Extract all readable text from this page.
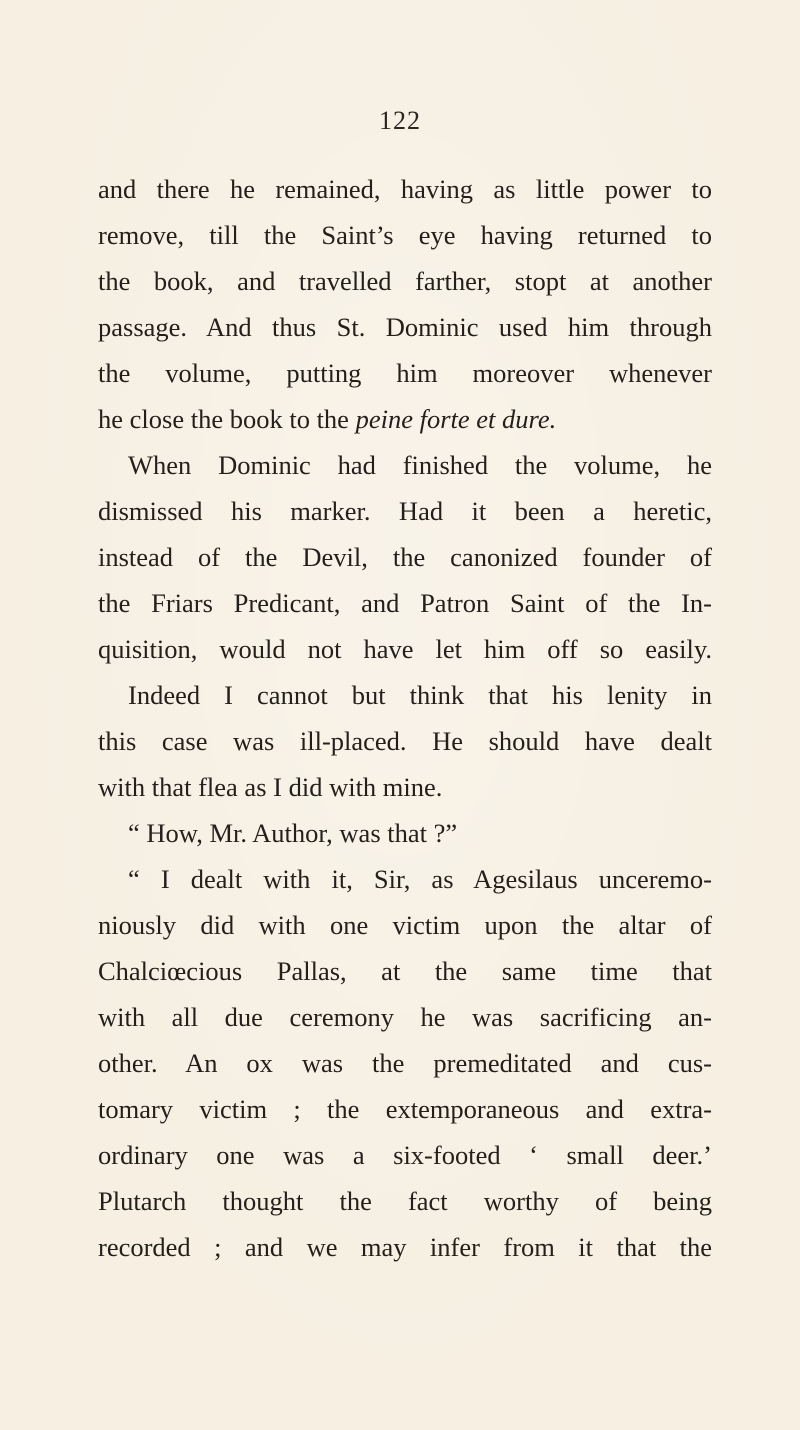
122
and there he remained, having as little power to
remove, till the Saint’s eye having returned to
the book, and travelled farther, stopt at another
passage. And thus St. Dominic used him through
the volume, putting him moreover whenever
he close the book to the peine forte et dure.
When Dominic had finished the volume, he
dismissed his marker. Had it been a heretic,
instead of the Devil, the canonized founder of
the Friars Predicant, and Patron Saint of the In-
quisition, would not have let him off so easily.
Indeed I cannot but think that his lenity in
this case was ill-placed. He should have dealt
with that flea as I did with mine.
“ How, Mr. Author, was that ?”
“ I dealt with it, Sir, as Agesilaus unceremo-
niously did with one victim upon the altar of
Chalciœcious Pallas, at the same time that
with all due ceremony he was sacrificing an-
other. An ox was the premeditated and cus-
tomary victim ; the extemporaneous and extra-
ordinary one was a six-footed ‘ small deer.’
Plutarch thought the fact worthy of being
recorded ; and we may infer from it that the
